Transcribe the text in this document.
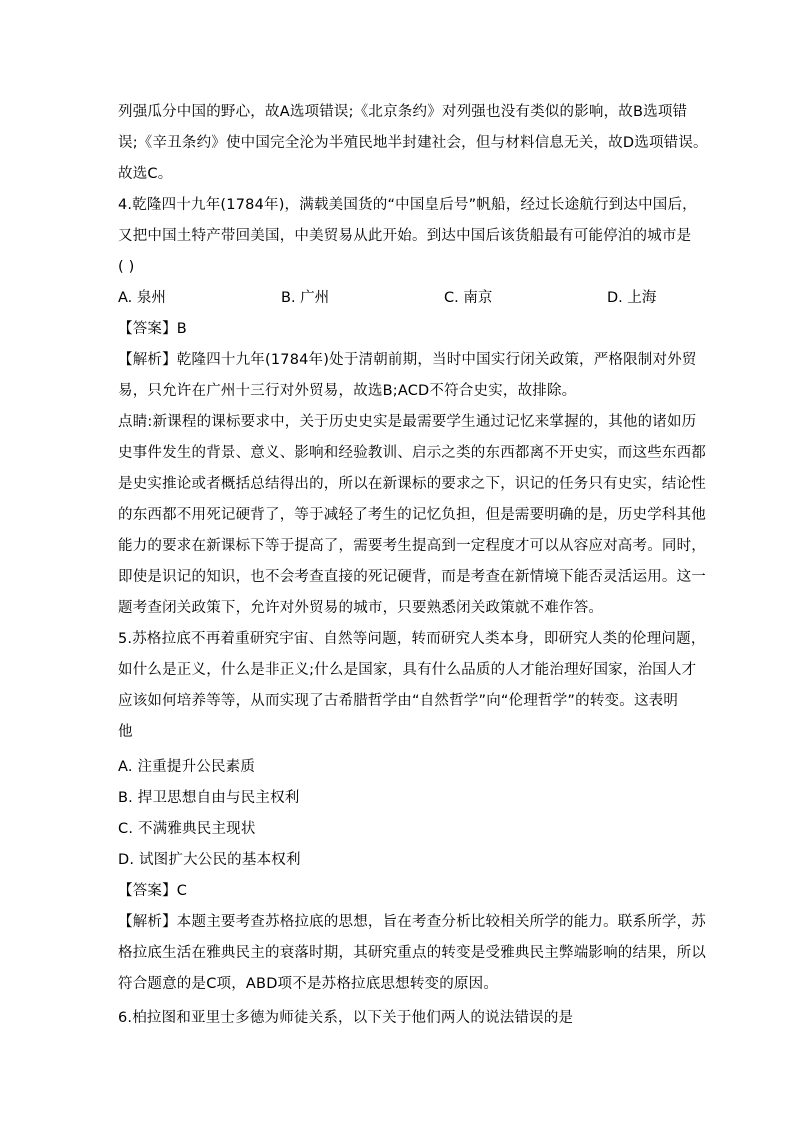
列强瓜分中国的野心，故A选项错误;《北京条约》对列强也没有类似的影响，故B选项错
误;《辛丑条约》使中国完全沦为半殖民地半封建社会，但与材料信息无关，故D选项错误。
故选C。
4.乾隆四十九年(1784年)，满载美国货的“中国皇后号”帆船，经过长途航行到达中国后，
又把中国土特产带回美国，中美贸易从此开始。到达中国后该货船最有可能停泊的城市是
( )
A. 泉州	B. 广州	C. 南京	D. 上海
【答案】B
【解析】乾隆四十九年(1784年)处于清朝前期，当时中国实行闭关政策，严格限制对外贸
易，只允许在广州十三行对外贸易，故选B;ACD不符合史实，故排除。
点睛:新课程的课标要求中，关于历史史实是最需要学生通过记忆来掌握的，其他的诸如历
史事件发生的背景、意义、影响和经验教训、启示之类的东西都离不开史实，而这些东西都
是史实推论或者概括总结得出的，所以在新课标的要求之下，识记的任务只有史实，结论性
的东西都不用死记硬背了，等于减轻了考生的记忆负担，但是需要明确的是，历史学科其他
能力的要求在新课标下等于提高了，需要考生提高到一定程度才可以从容应对高考。同时，
即使是识记的知识，也不会考查直接的死记硬背，而是考查在新情境下能否灵活运用。这一
题考查闭关政策下，允许对外贸易的城市，只要熟悉闭关政策就不难作答。
5.苏格拉底不再着重研究宇宙、自然等问题，转而研究人类本身，即研究人类的伦理问题，
如什么是正义，什么是非正义;什么是国家，具有什么品质的人才能治理好国家，治国人才
应该如何培养等等，从而实现了古希腊哲学由“自然哲学”向“伦理哲学”的转变。这表明
他
A. 注重提升公民素质
B. 捍卫思想自由与民主权利
C. 不满雅典民主现状
D. 试图扩大公民的基本权利
【答案】C
【解析】本题主要考查苏格拉底的思想，旨在考查分析比较相关所学的能力。联系所学，苏
格拉底生活在雅典民主的衰落时期，其研究重点的转变是受雅典民主弊端影响的结果，所以
符合题意的是C项，ABD项不是苏格拉底思想转变的原因。
6.柏拉图和亚里士多德为师徒关系，以下关于他们两人的说法错误的是
